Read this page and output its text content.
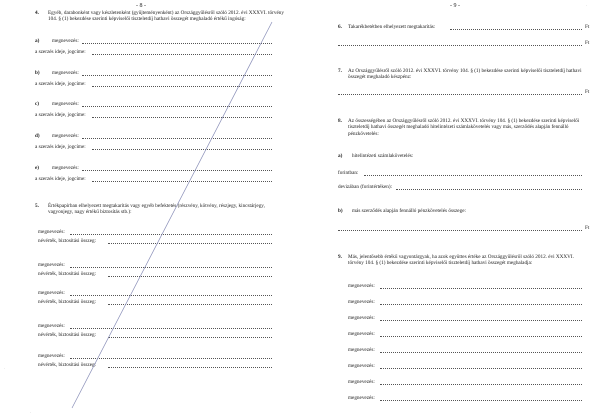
- 8 -
4. Egyéb, darabonként vagy készletenként (gyűjteményenként) az Országgyűlésről szóló 2012. évi XXXVI. törvény 104. § (1) bekezdése szerinti képviselői tiszteletdíj hathavi összegét meghaladó értékű ingóság:
a) megnevezés:
a szerzés ideje, jogcíme:
b) megnevezés:
a szerzés ideje, jogcíme:
c) megnevezés:
a szerzés ideje, jogcíme:
d) megnevezés:
a szerzés ideje, jogcíme:
e) megnevezés:
a szerzés ideje, jogcíme:
5. Értékpapírban elhelyezett megtakarítás vagy egyéb befektetés (részvény, kötvény, részjegy, kincstárjegy, vagyonjegy, nagy értékű biztosítás stb.):
megnevezés:
névérték, biztosítási összeg:
megnevezés:
névérték, biztosítási összeg:
megnevezés:
névérték, biztosítási összeg:
megnevezés:
névérték, biztosítási összeg:
megnevezés:
névérték, biztosítási összeg:
·
·
- 9 -	·
6. Takarékbetétben elhelyezett megtakarítás:	Ft
Ft
7. Az Országgyűlésről szóló 2012. évi XXXVI. törvény 104. § (1) bekezdése szerinti képviselői tiszteletdíj hathavi összegét meghaladó készpénz:
Ft
8. Az összességében az Országgyűlésről szóló 2012. évi XXXVI. törvény 104. § (1) bekezdése szerinti képviselői tiszteletdíj hathavi összegét meghaladó hitelintézeti számlakövetelés vagy más, szerződés alapján fennálló pénzkövetelés:
a) hitelintézeti számlakövetelés:
forintban:
devizában (forintértéken):
b) más szerződés alapján fennálló pénzkövetelés összege:
Ft
9. Más, jelentősebb értékű vagyontárgyak, ha azok együttes értéke az Országgyűlésről szóló 2012. évi XXXVI. törvény 104. § (1) bekezdése szerinti képviselői tiszteletdíj hathavi összegét meghaladja:
megnevezés:
megnevezés:
megnevezés:
megnevezés:
megnevezés:
megnevezés:
megnevezés:
megnevezés:
